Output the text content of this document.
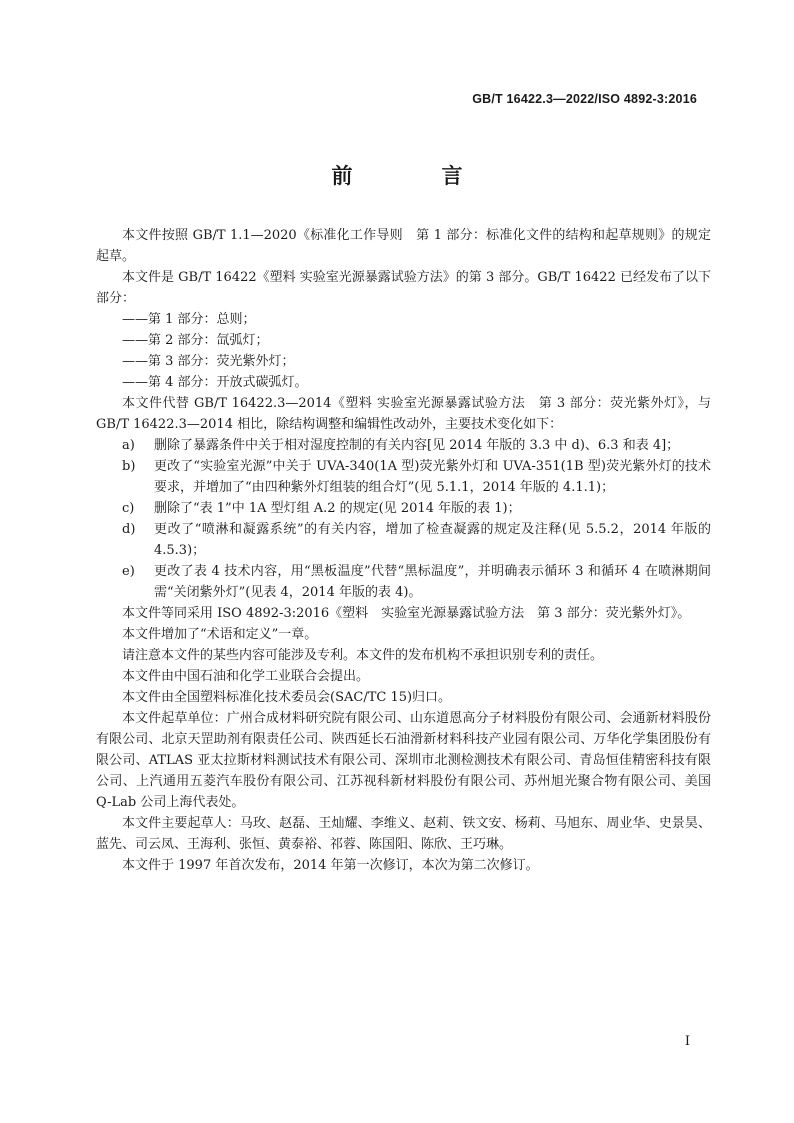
GB/T 16422.3—2022/ISO 4892-3:2016
前　言

本文件按照 GB/T 1.1—2020《标准化工作导则　第 1 部分：标准化文件的结构和起草规则》的规定起草。

本文件是 GB/T 16422《塑料 实验室光源暴露试验方法》的第 3 部分。GB/T 16422 已经发布了以下部分：

——第 1 部分：总则；

——第 2 部分：氙弧灯；

——第 3 部分：荧光紫外灯；

——第 4 部分：开放式碳弧灯。

本文件代替 GB/T 16422.3—2014《塑料 实验室光源暴露试验方法　第 3 部分：荧光紫外灯》，与 GB/T 16422.3—2014 相比，除结构调整和编辑性改动外，主要技术变化如下：

a)	删除了暴露条件中关于相对湿度控制的有关内容[见 2014 年版的 3.3 中 d)、6.3 和表 4]；
b)	更改了“实验室光源”中关于 UVA-340(1A 型)荧光紫外灯和 UVA-351(1B 型)荧光紫外灯的技术要求，并增加了“由四种紫外灯组装的组合灯”(见 5.1.1，2014 年版的 4.1.1)；
c)	删除了“表 1”中 1A 型灯组 A.2 的规定(见 2014 年版的表 1)；
d)	更改了“喷淋和凝露系统”的有关内容，增加了检查凝露的规定及注释(见 5.5.2，2014 年版的 4.5.3)；
e)	更改了表 4 技术内容，用“黑板温度”代替“黑标温度”，并明确表示循环 3 和循环 4 在喷淋期间需“关闭紫外灯”(见表 4，2014 年版的表 4)。

本文件等同采用 ISO 4892-3:2016《塑料　实验室光源暴露试验方法　第 3 部分：荧光紫外灯》。

本文件增加了“术语和定义”一章。

请注意本文件的某些内容可能涉及专利。本文件的发布机构不承担识别专利的责任。

本文件由中国石油和化学工业联合会提出。

本文件由全国塑料标准化技术委员会(SAC/TC 15)归口。

本文件起草单位：广州合成材料研究院有限公司、山东道恩高分子材料股份有限公司、会通新材料股份有限公司、北京天罡助剂有限责任公司、陕西延长石油滑新材料科技产业园有限公司、万华化学集团股份有限公司、ATLAS 亚太拉斯材料测试技术有限公司、深圳市北测检测技术有限公司、青岛恒佳精密科技有限公司、上汽通用五菱汽车股份有限公司、江苏视科新材料股份有限公司、苏州旭光聚合物有限公司、美国 Q-Lab 公司上海代表处。

本文件主要起草人：马玫、赵磊、王灿耀、李维义、赵莉、铁文安、杨莉、马旭东、周业华、史景昊、蓝先、司云凤、王海利、张恒、黄泰裕、祁蓉、陈国阳、陈欣、王巧琳。

本文件于 1997 年首次发布，2014 年第一次修订，本次为第二次修订。

I
